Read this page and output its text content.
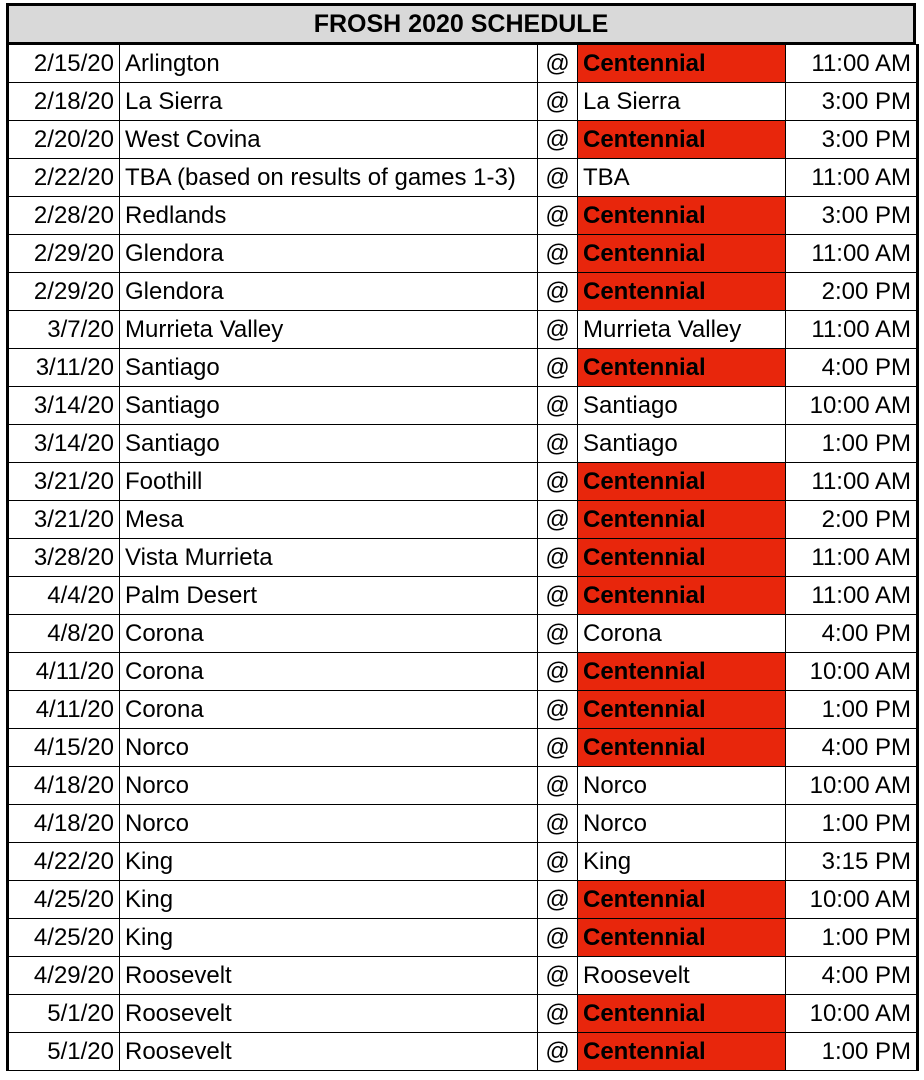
FROSH 2020 SCHEDULE
2/15/20	Arlington	@	Centennial	11:00 AM
2/18/20	La Sierra	@	La Sierra	3:00 PM
2/20/20	West Covina	@	Centennial	3:00 PM
2/22/20	TBA (based on results of games 1-3)	@	TBA	11:00 AM
2/28/20	Redlands	@	Centennial	3:00 PM
2/29/20	Glendora	@	Centennial	11:00 AM
2/29/20	Glendora	@	Centennial	2:00 PM
3/7/20	Murrieta Valley	@	Murrieta Valley	11:00 AM
3/11/20	Santiago	@	Centennial	4:00 PM
3/14/20	Santiago	@	Santiago	10:00 AM
3/14/20	Santiago	@	Santiago	1:00 PM
3/21/20	Foothill	@	Centennial	11:00 AM
3/21/20	Mesa	@	Centennial	2:00 PM
3/28/20	Vista Murrieta	@	Centennial	11:00 AM
4/4/20	Palm Desert	@	Centennial	11:00 AM
4/8/20	Corona	@	Corona	4:00 PM
4/11/20	Corona	@	Centennial	10:00 AM
4/11/20	Corona	@	Centennial	1:00 PM
4/15/20	Norco	@	Centennial	4:00 PM
4/18/20	Norco	@	Norco	10:00 AM
4/18/20	Norco	@	Norco	1:00 PM
4/22/20	King	@	King	3:15 PM
4/25/20	King	@	Centennial	10:00 AM
4/25/20	King	@	Centennial	1:00 PM
4/29/20	Roosevelt	@	Roosevelt	4:00 PM
5/1/20	Roosevelt	@	Centennial	10:00 AM
5/1/20	Roosevelt	@	Centennial	1:00 PM
